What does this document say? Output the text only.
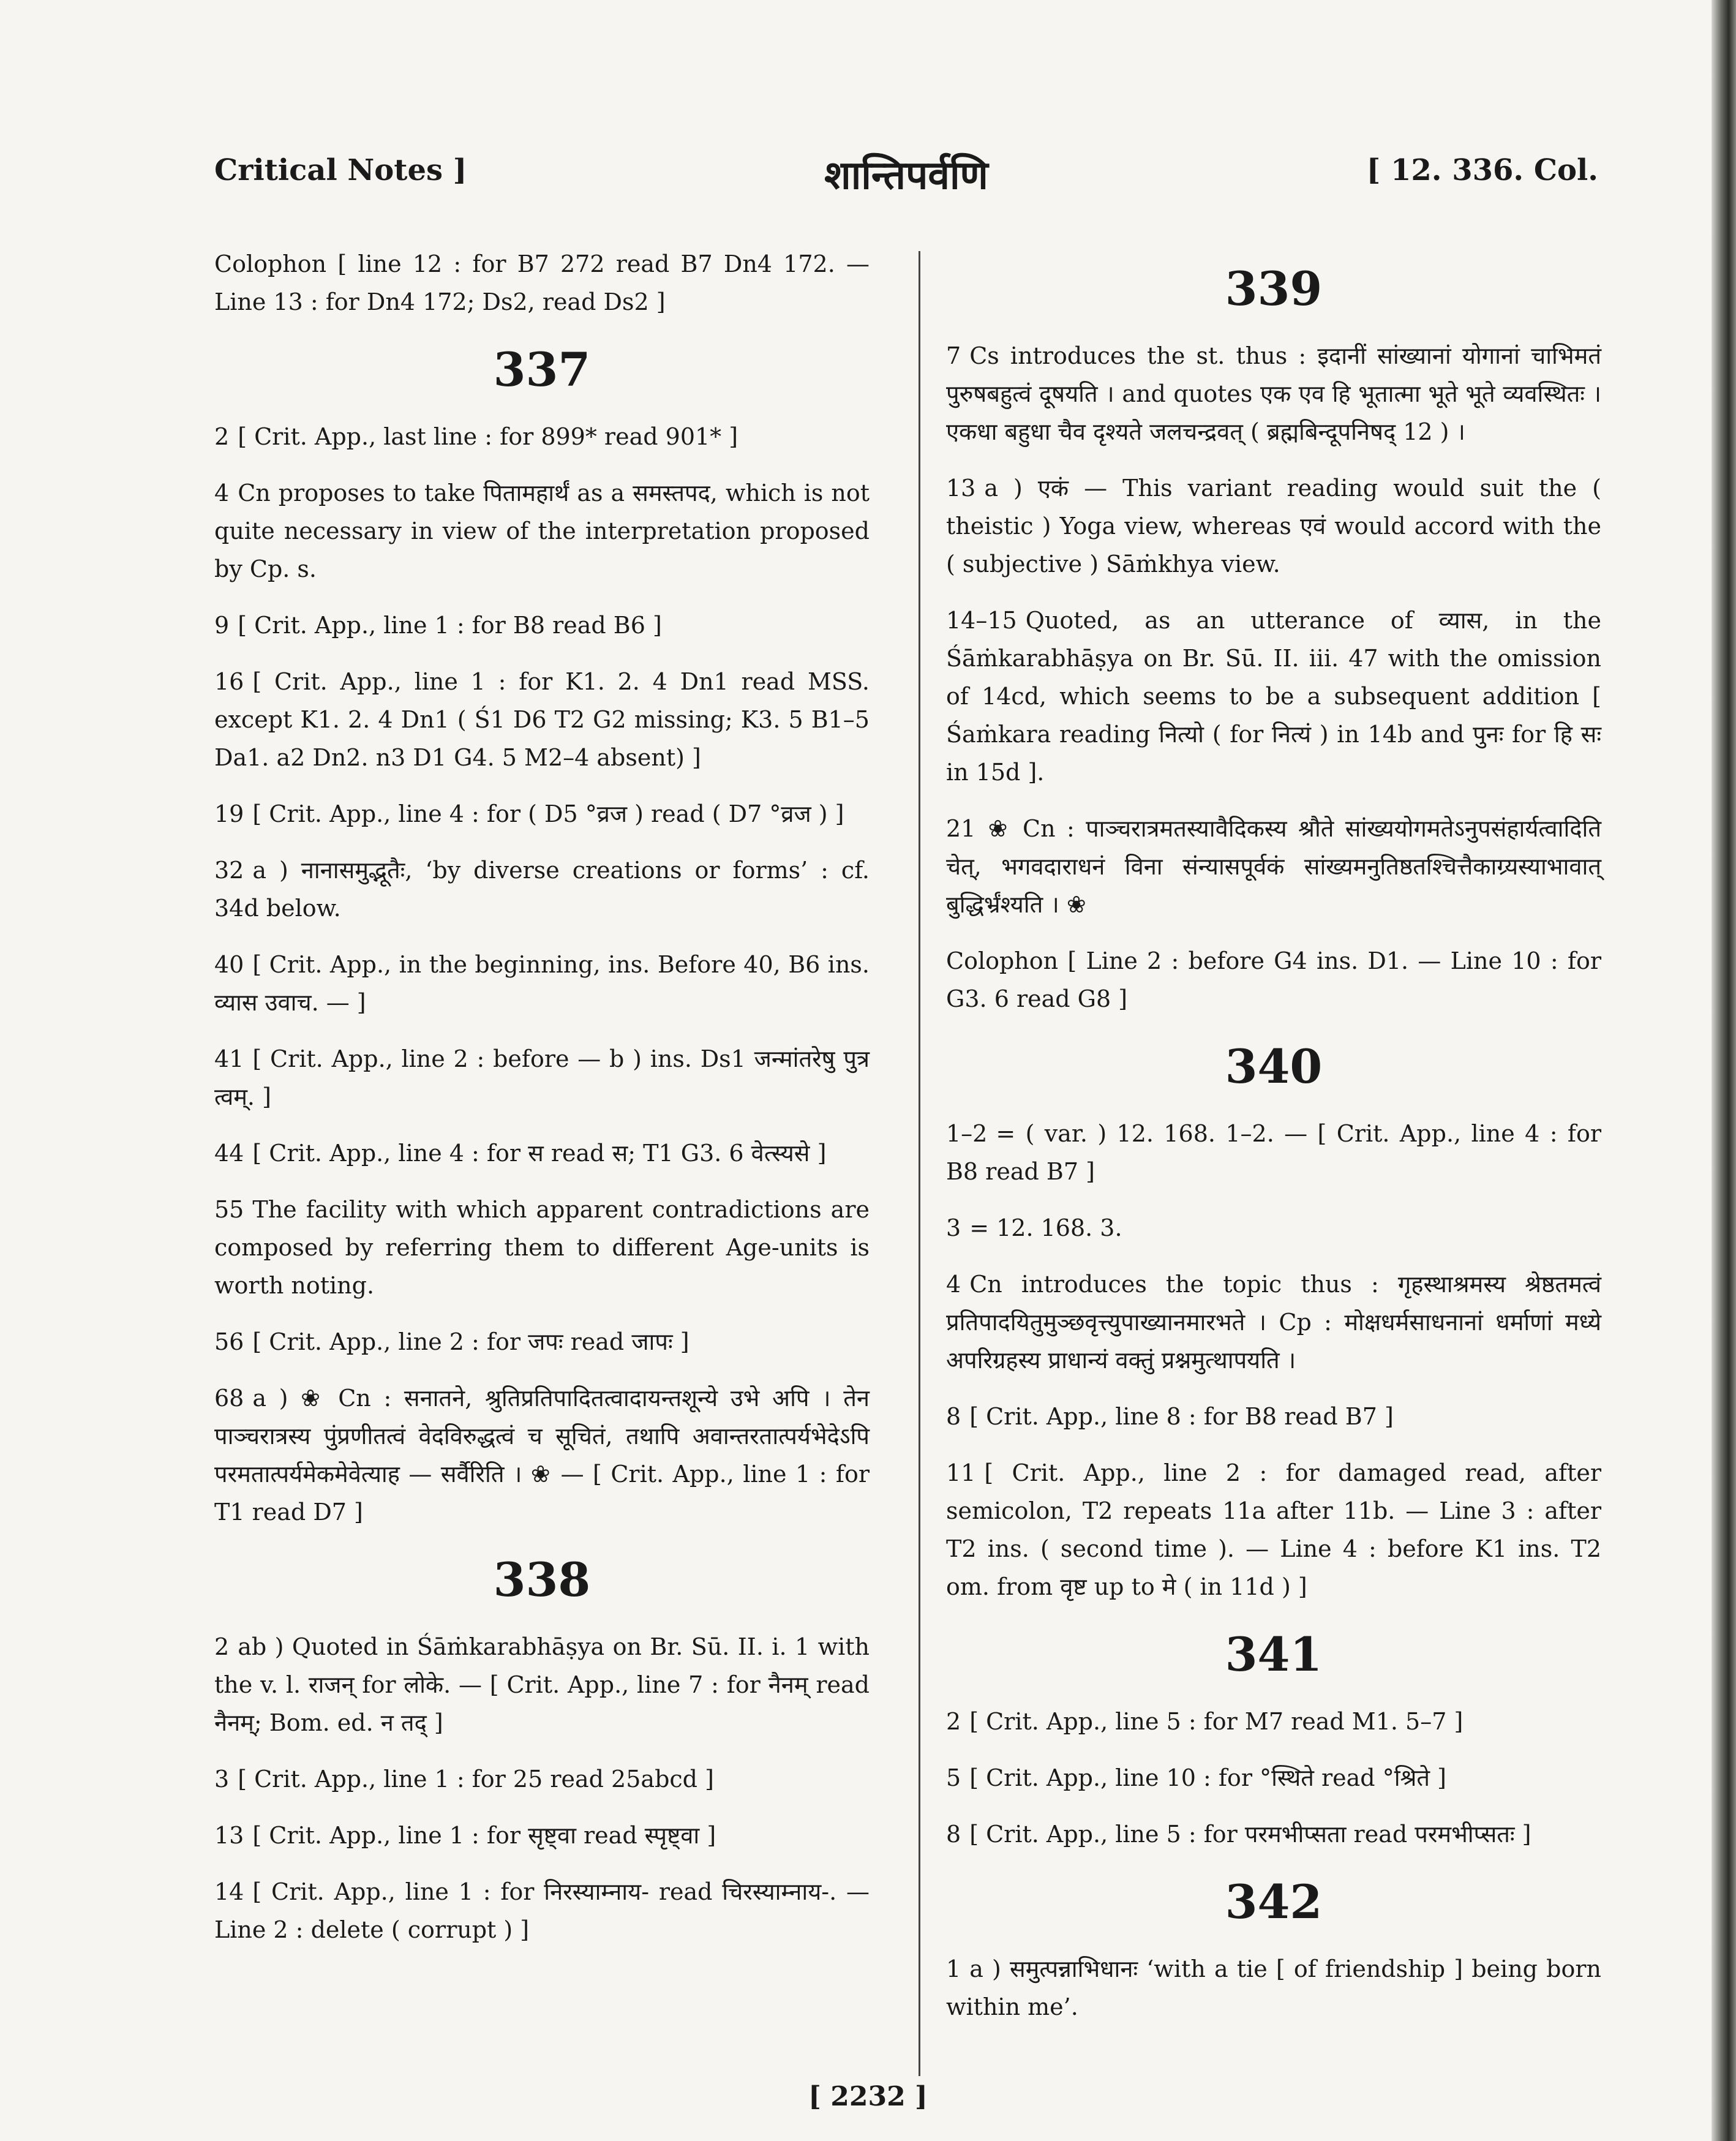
Critical Notes ]	शान्तिपर्वणि	[ 12. 336. Col.
Colophon [ line 12 : for B7 272 read B7 Dn4 172. — Line 13 : for Dn4 172; Ds2, read Ds2 ]
337
2 [ Crit. App., last line : for 899* read 901* ]
4 Cn proposes to take पितामहार्थं as a समस्तपद, which is not quite necessary in view of the interpretation proposed by Cp. s.
9 [ Crit. App., line 1 : for B8 read B6 ]
16 [ Crit. App., line 1 : for K1. 2. 4 Dn1 read MSS. except K1. 2. 4 Dn1 ( Ś1 D6 T2 G2 missing; K3. 5 B1–5 Da1. a2 Dn2. n3 D1 G4. 5 M2–4 absent) ]
19 [ Crit. App., line 4 : for ( D5 °व्रज ) read ( D7 °व्रज ) ]
32 a ) नानासमुद्भूतैः, ‘by diverse creations or forms’ : cf. 34d below.
40 [ Crit. App., in the beginning, ins. Before 40, B6 ins. व्यास उवाच. — ]
41 [ Crit. App., line 2 : before — b ) ins. Ds1 जन्मांतरेषु पुत्र त्वम्. ]
44 [ Crit. App., line 4 : for स read स; T1 G3. 6 वेत्स्यसे ]
55 The facility with which apparent contradictions are composed by referring them to different Age-units is worth noting.
56 [ Crit. App., line 2 : for जपः read जापः ]
68 a ) ❀ Cn : सनातने, श्रुतिप्रतिपादितत्वादायन्तशून्ये उभे अपि । तेन पाञ्चरात्रस्य पुंप्रणीतत्वं वेदविरुद्धत्वं च सूचितं, तथापि अवान्तरतात्पर्यभेदेऽपि परमतात्पर्यमेकमेवेत्याह — सर्वैरिति । ❀ — [ Crit. App., line 1 : for T1 read D7 ]
338
2 ab ) Quoted in Śāṁkarabhāṣya on Br. Sū. II. i. 1 with the v. l. राजन् for लोके. — [ Crit. App., line 7 : for नैनम् read नैनम्; Bom. ed. न तद् ]
3 [ Crit. App., line 1 : for 25 read 25abcd ]
13 [ Crit. App., line 1 : for सृष्ट्वा read स्पृष्ट्वा ]
14 [ Crit. App., line 1 : for निरस्याम्नाय- read चिरस्याम्नाय-. — Line 2 : delete ( corrupt ) ]
339
7 Cs introduces the st. thus : इदानीं सांख्यानां योगानां चाभिमतं पुरुषबहुत्वं दूषयति । and quotes एक एव हि भूतात्मा भूते भूते व्यवस्थितः । एकधा बहुधा चैव दृश्यते जलचन्द्रवत् ( ब्रह्मबिन्दूपनिषद् 12 ) ।
13 a ) एकं — This variant reading would suit the ( theistic ) Yoga view, whereas एवं would accord with the ( subjective ) Sāṁkhya view.
14–15 Quoted, as an utterance of व्यास, in the Śāṁkarabhāṣya on Br. Sū. II. iii. 47 with the omission of 14cd, which seems to be a subsequent addition [ Śaṁkara reading नित्यो ( for नित्यं ) in 14b and पुनः for हि सः in 15d ].
21 ❀ Cn : पाञ्चरात्रमतस्यावैदिकस्य श्रौते सांख्ययोगमतेऽनुपसंहार्यत्वादिति चेत्, भगवदाराधनं विना संन्यासपूर्वकं सांख्यमनुतिष्ठतश्चित्तैकाग्र्यस्याभावात् बुद्धिर्भ्रंश्यति । ❀
Colophon [ Line 2 : before G4 ins. D1. — Line 10 : for G3. 6 read G8 ]
340
1–2 = ( var. ) 12. 168. 1–2. — [ Crit. App., line 4 : for B8 read B7 ]
3 = 12. 168. 3.
4 Cn introduces the topic thus : गृहस्थाश्रमस्य श्रेष्ठतमत्वं प्रतिपादयितुमुञ्छवृत्त्युपाख्यानमारभते । Cp : मोक्षधर्मसाधनानां धर्माणां मध्ये अपरिग्रहस्य प्राधान्यं वक्तुं प्रश्नमुत्थापयति ।
8 [ Crit. App., line 8 : for B8 read B7 ]
11 [ Crit. App., line 2 : for damaged read, after semicolon, T2 repeats 11a after 11b. — Line 3 : after T2 ins. ( second time ). — Line 4 : before K1 ins. T2 om. from वृष्ट up to मे ( in 11d ) ]
341
2 [ Crit. App., line 5 : for M7 read M1. 5–7 ]
5 [ Crit. App., line 10 : for °स्थिते read °श्रिते ]
8 [ Crit. App., line 5 : for परमभीप्सता read परमभीप्सतः ]
342
1 a ) समुत्पन्नाभिधानः ‘with a tie [ of friendship ] being born within me’.
[ 2232 ]
